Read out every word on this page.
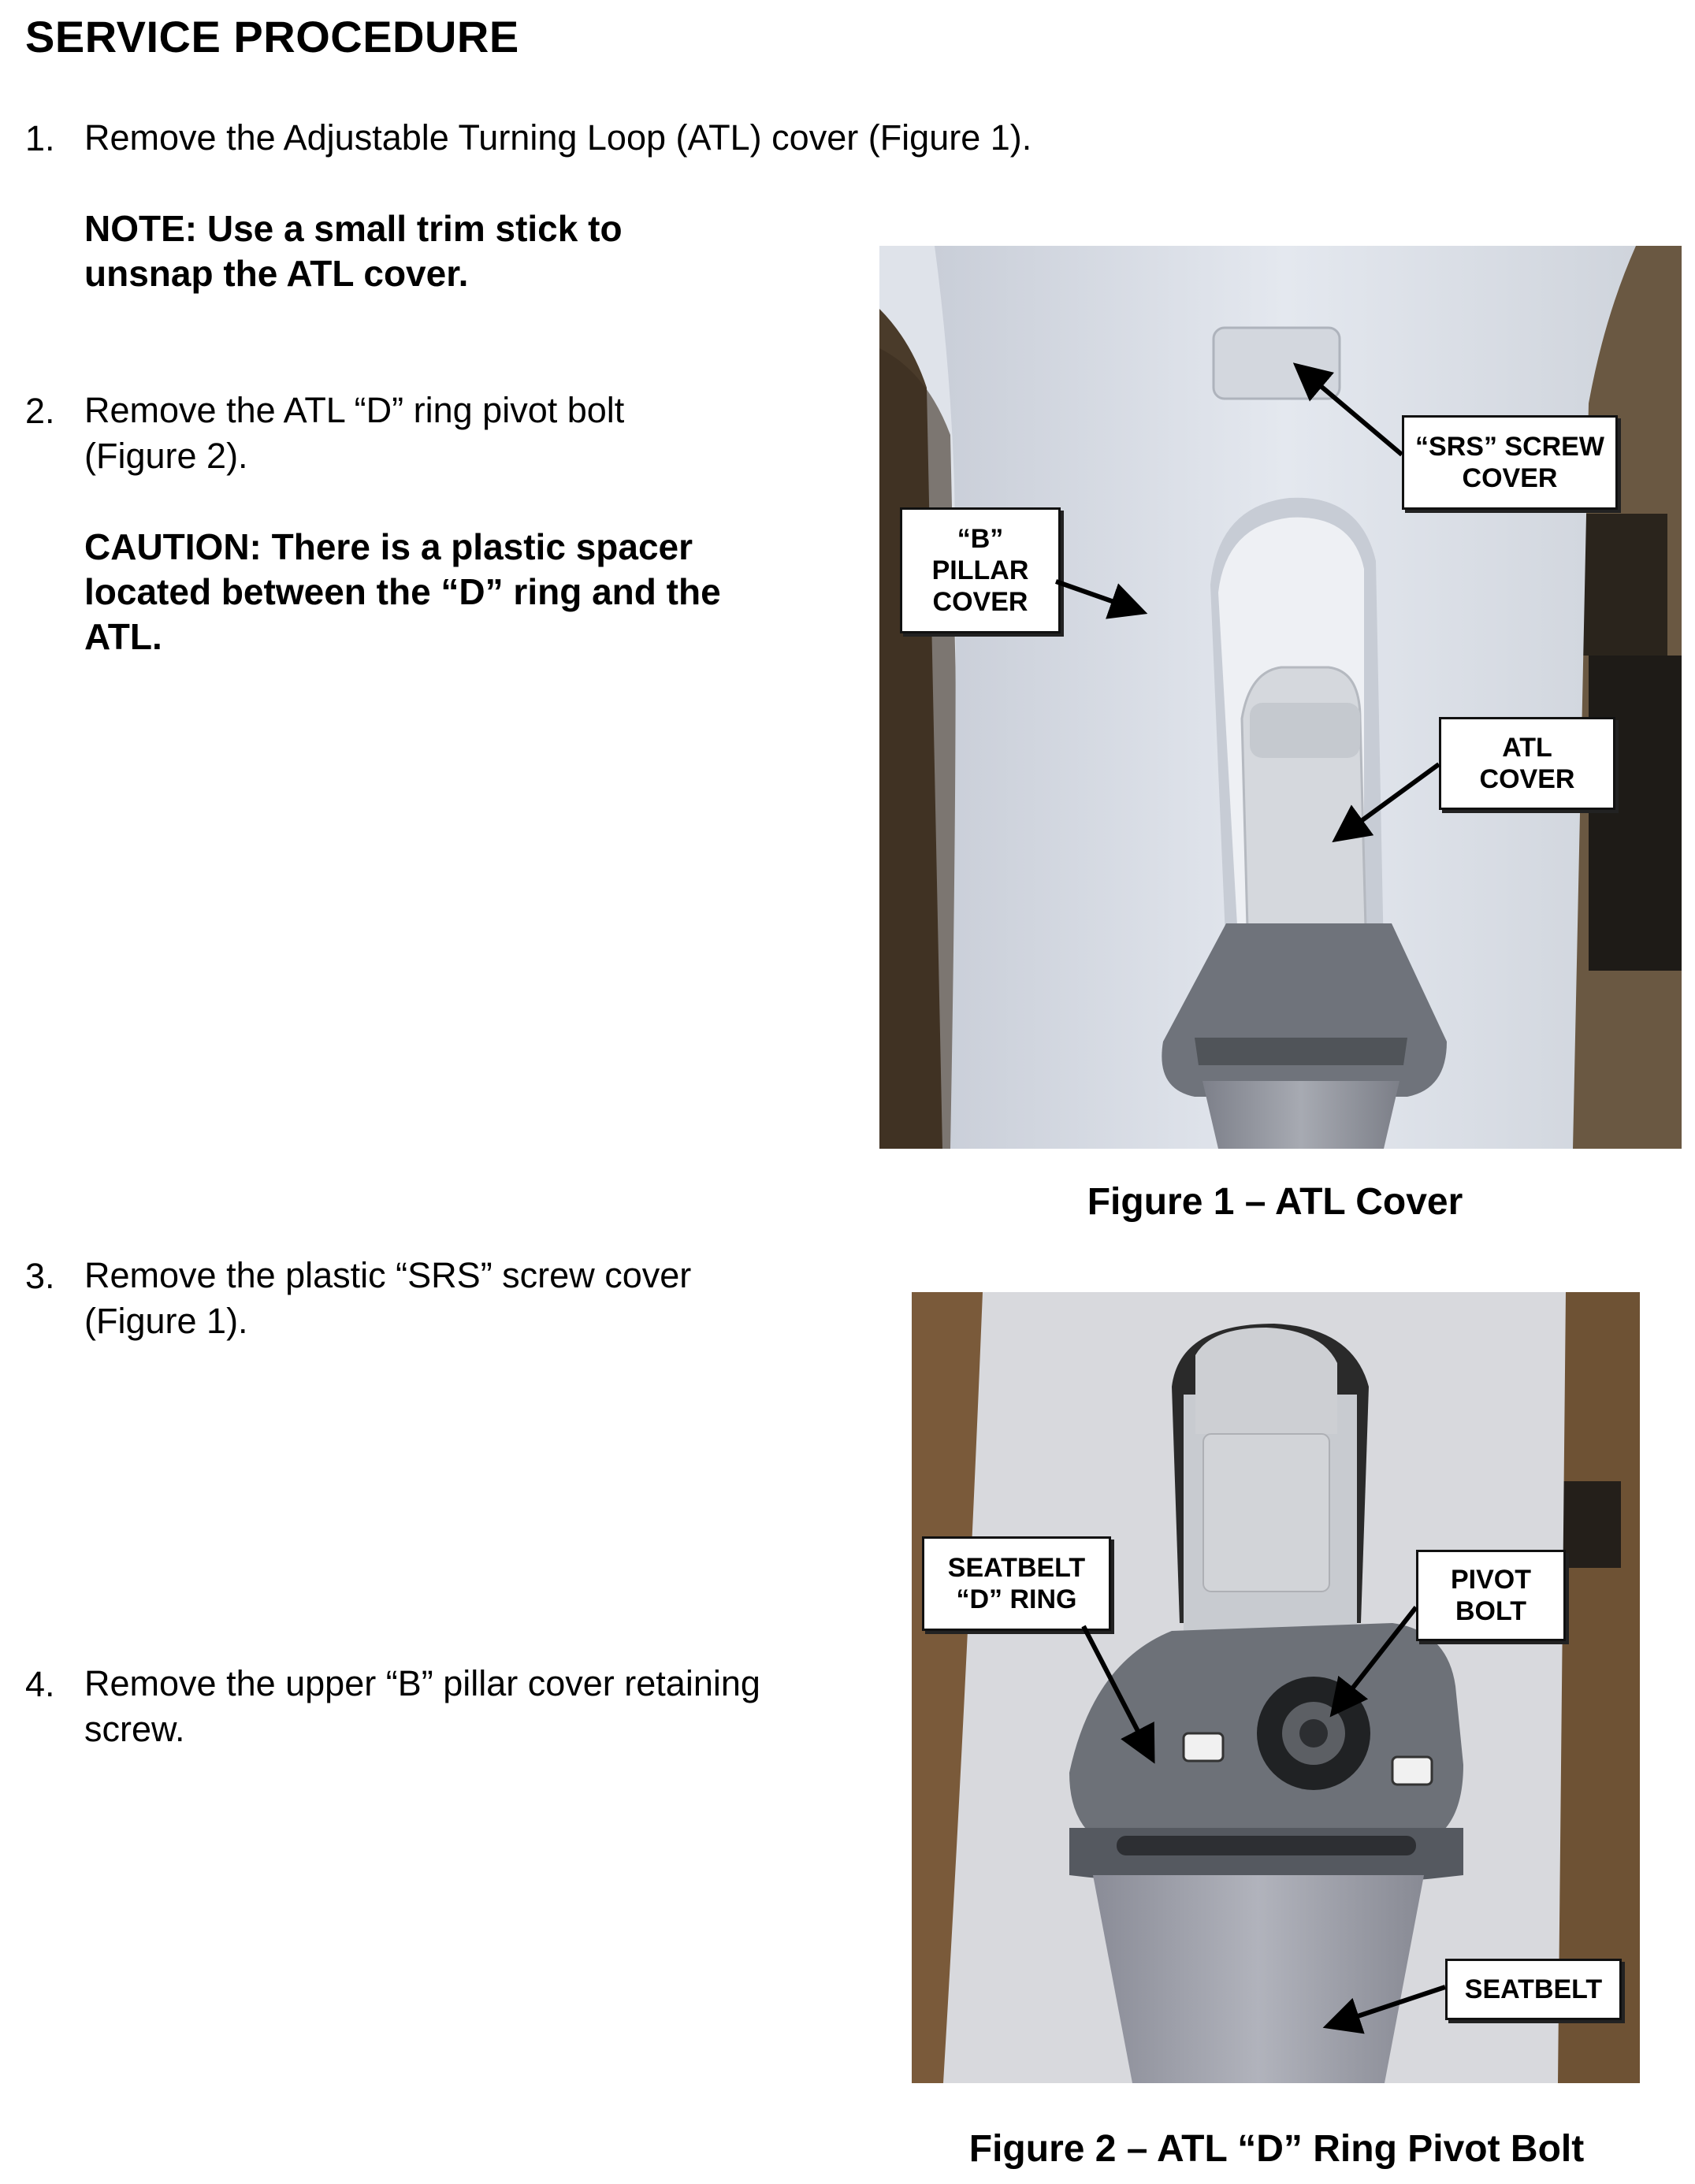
SERVICE PROCEDURE
1. Remove the Adjustable Turning Loop (ATL) cover (Figure 1).
NOTE: Use a small trim stick to
unsnap the ATL cover.
2. Remove the ATL “D” ring pivot bolt
(Figure 2).
CAUTION: There is a plastic spacer
located between the “D” ring and the
ATL.
3. Remove the plastic “SRS” screw cover
(Figure 1).
4. Remove the upper “B” pillar cover retaining
screw.
“SRS” SCREW
COVER
“B”
PILLAR
COVER
ATL
COVER
Figure 1 – ATL Cover
SEATBELT
“D” RING
PIVOT
BOLT
SEATBELT
Figure 2 – ATL “D” Ring Pivot Bolt
